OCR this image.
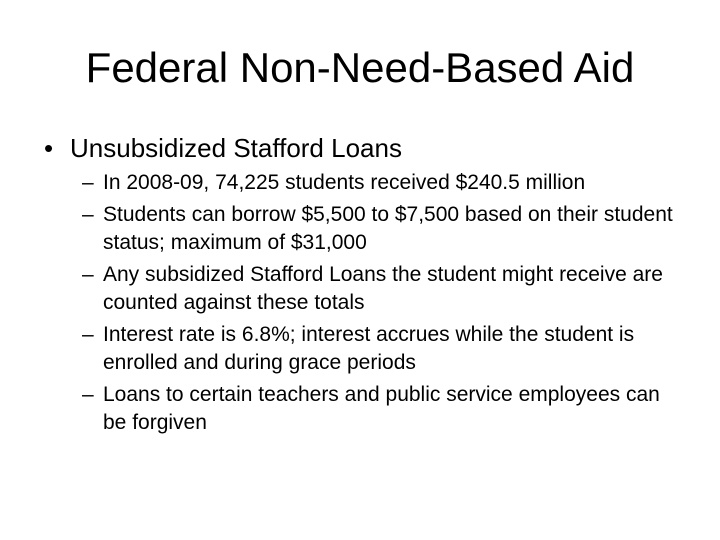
Federal Non-Need-Based Aid
• Unsubsidized Stafford Loans
– In 2008-09, 74,225 students received $240.5 million
– Students can borrow $5,500 to $7,500 based on their student status; maximum of $31,000
– Any subsidized Stafford Loans the student might receive are counted against these totals
– Interest rate is 6.8%; interest accrues while the student is enrolled and during grace periods
– Loans to certain teachers and public service employees can be forgiven
